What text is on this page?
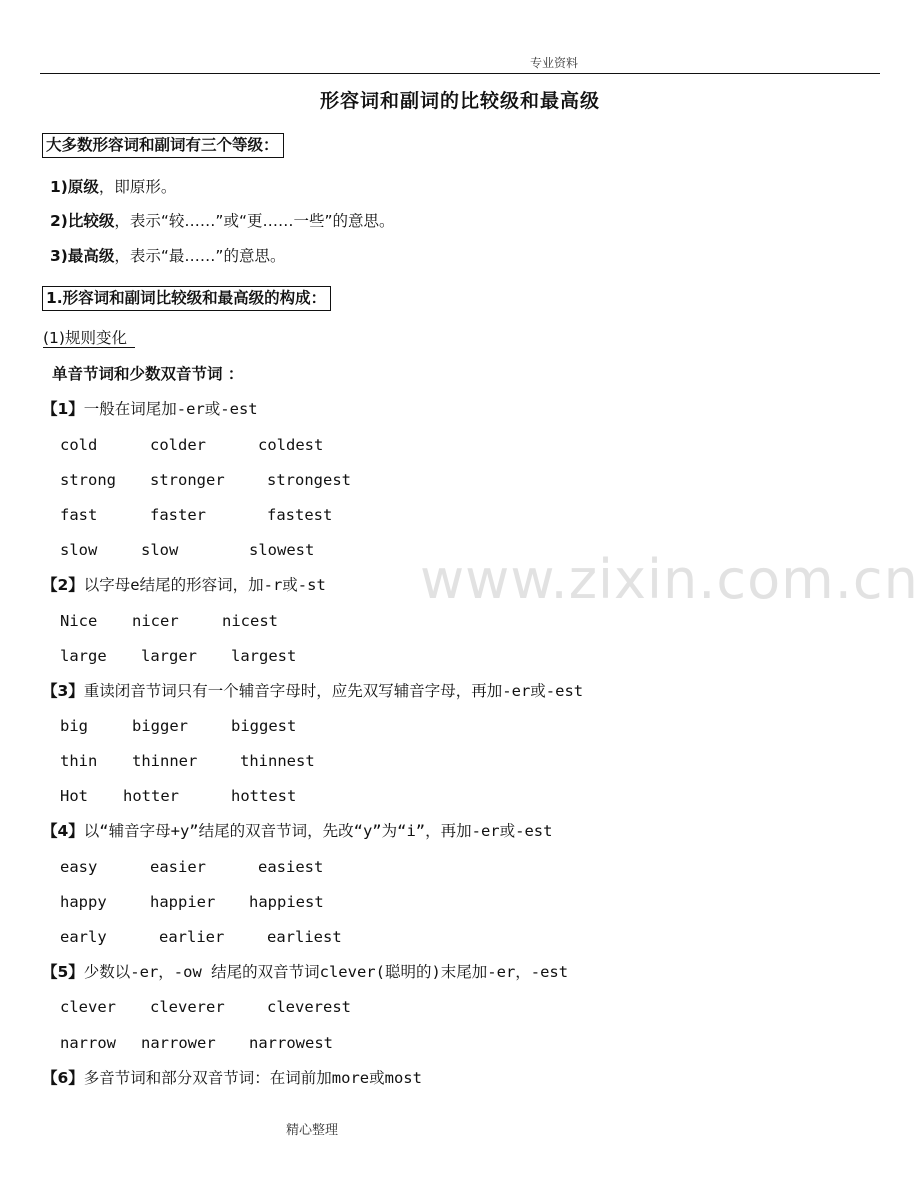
专业资料
形容词和副词的比较级和最高级
大多数形容词和副词有三个等级：
1)原级，即原形。
2)比较级，表示“较……”或“更……一些”的意思。
3)最高级，表示“最……”的意思。
1.形容词和副词比较级和最高级的构成：
(1)规则变化
单音节词和少数双音节词 ：
【1】一般在词尾加-er或-est
cold	colder	coldest
strong stronger	strongest
fast	faster	fastest
slow	slow	slowest www.zixin.com.cn
【2】以字母e结尾的形容词，加-r或-st
Nice nicer	nicest
large larger largest
【3】重读闭音节词只有一个辅音字母时，应先双写辅音字母，再加-er或-est
big	bigger	biggest
thin thinner	thinnest
Hot hotter	hottest
【4】以“辅音字母+y”结尾的双音节词，先改“y”为“i”，再加-er或-est
easy	easier	easiest
happy	happier happiest
early	earlier	earliest
【5】少数以-er，-ow 结尾的双音节词clever(聪明的)末尾加-er，-est
clever cleverer	cleverest
narrow narrower narrowest
【6】多音节词和部分双音节词：在词前加more或most
精心整理
